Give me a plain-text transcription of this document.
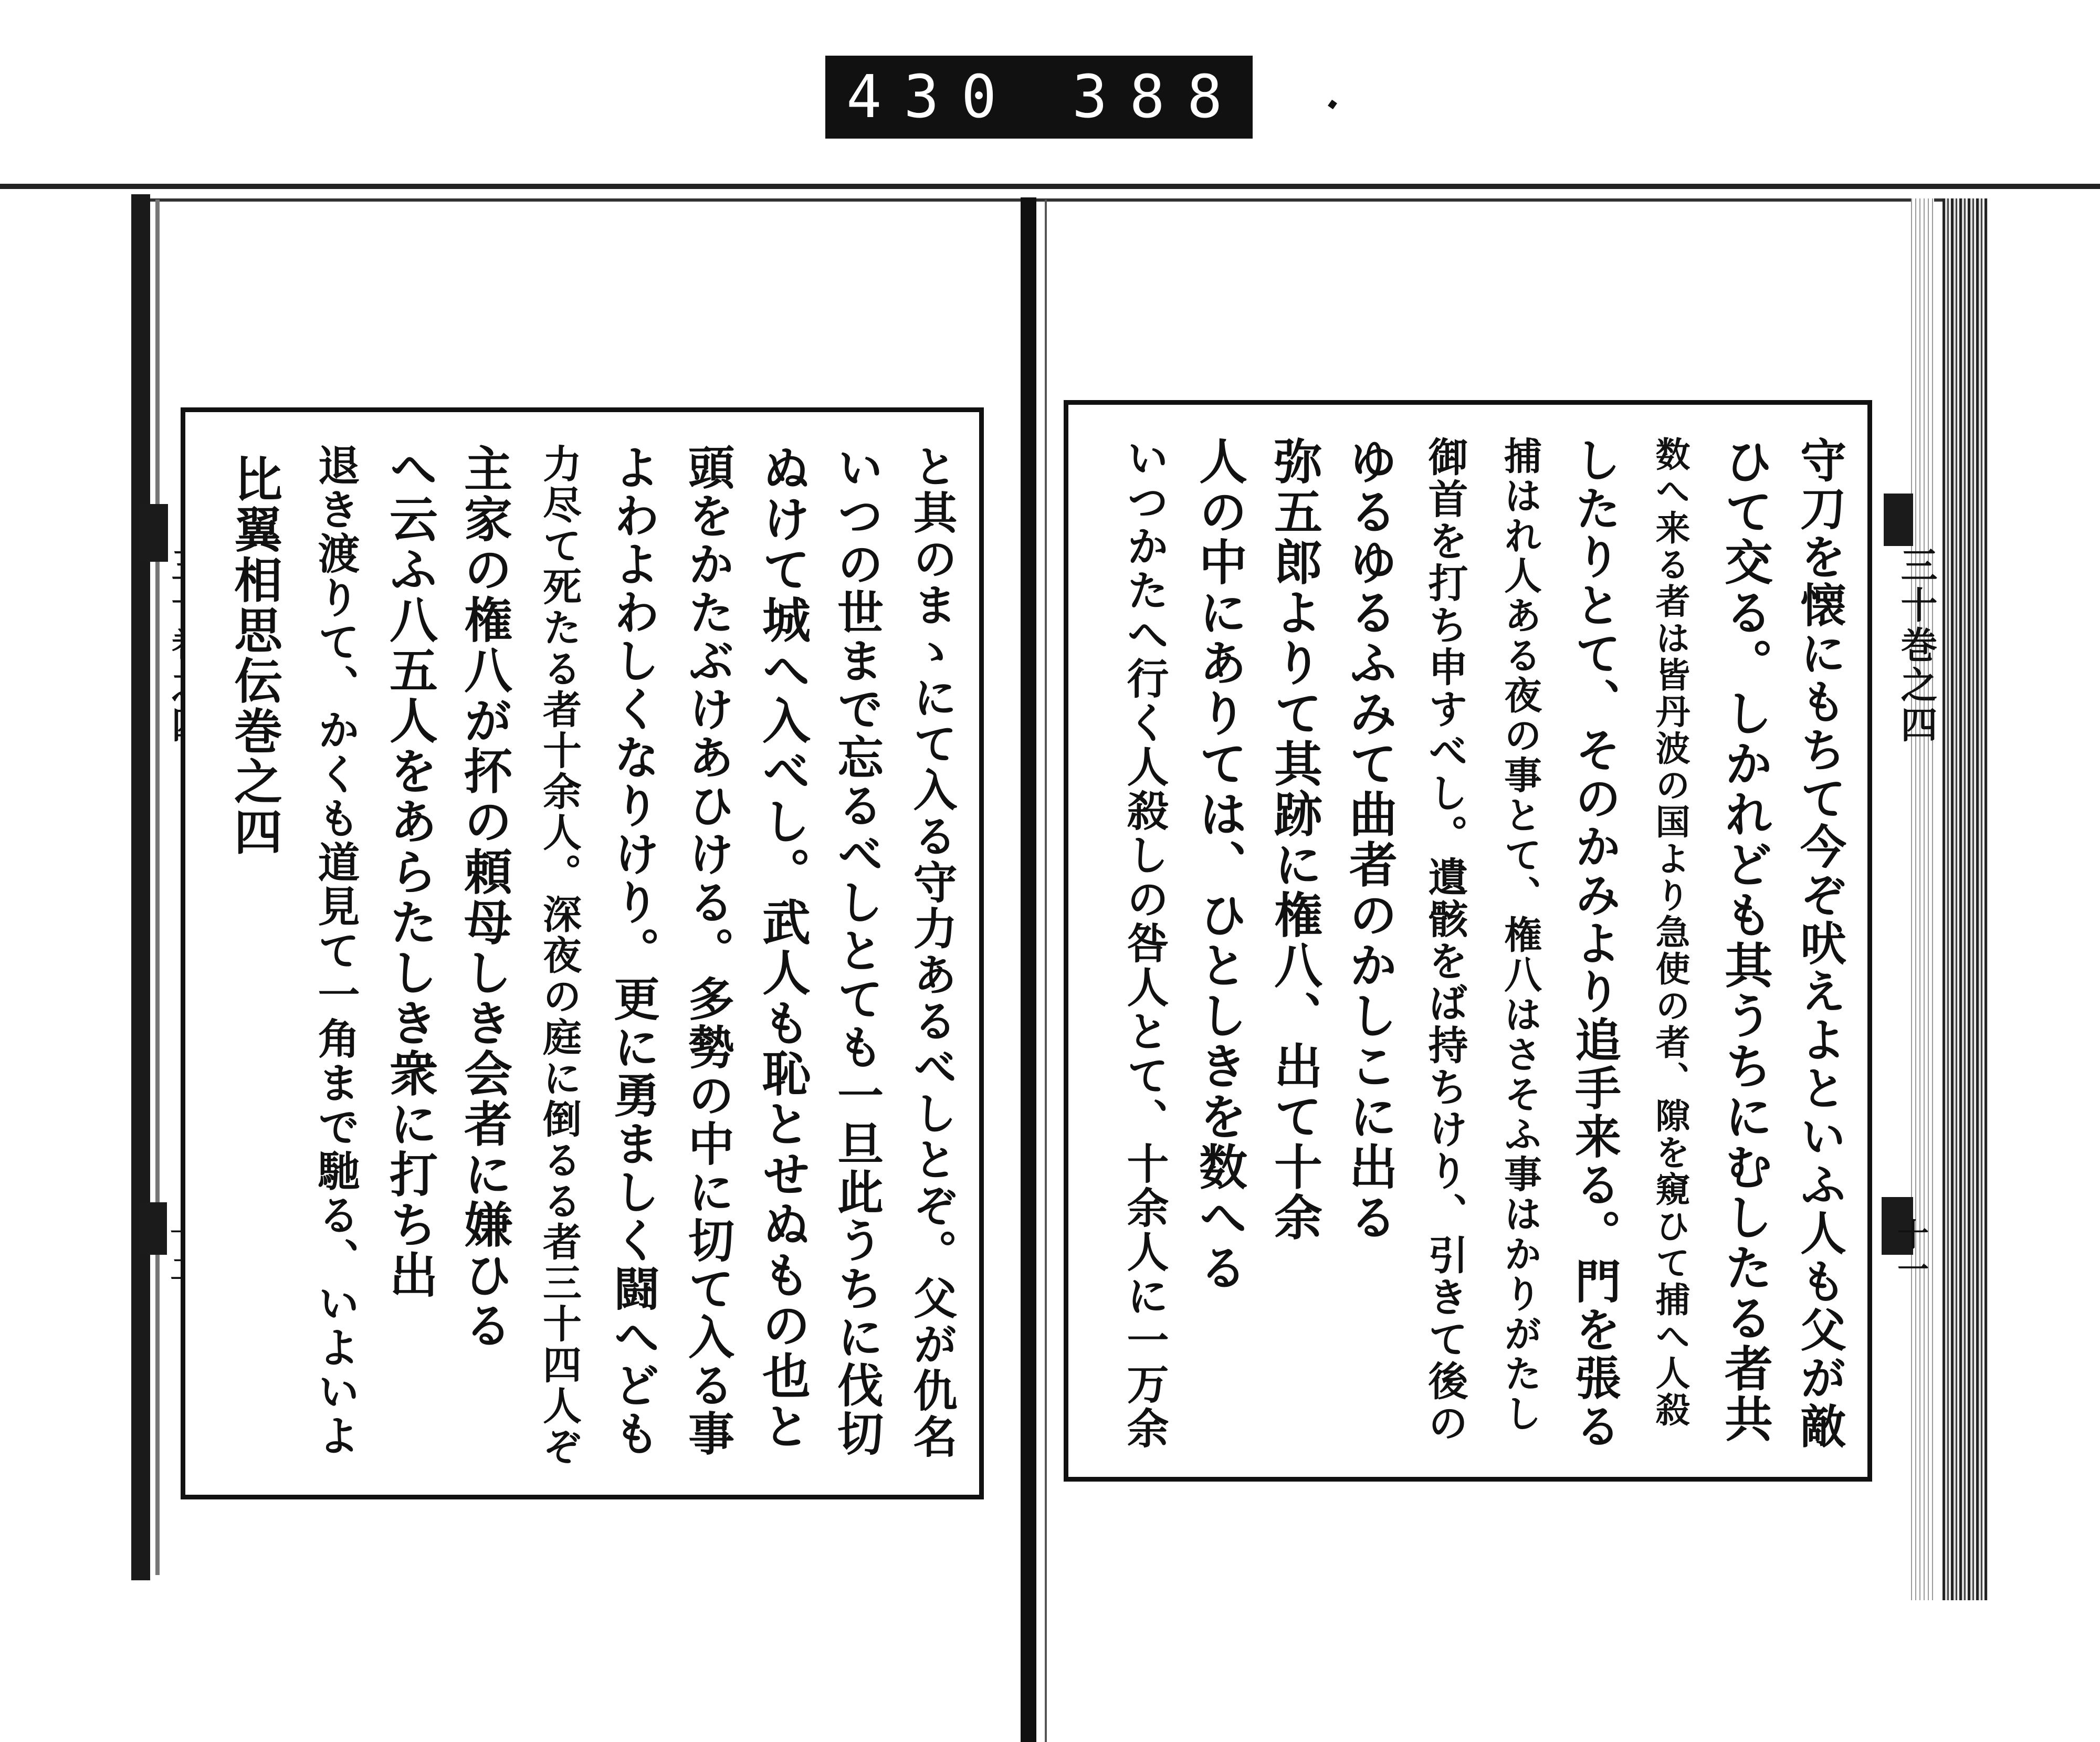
430 388.
三十巻之四
十一
と其のまゝにて入る守力あるべしとぞ。父が仇名
いつの世まで忘るべしとても一旦此うちに伐切
ぬけて城へ入べし。武人も恥とせぬもの也と
頭をかたぶけあひける。多勢の中に切て入る事
よわよわしくなりけり。更に勇ましく闘へども
力尽て死たる者十余人。深夜の庭に倒るる者三十四人ぞ
主家の権八が抔の頼母しき会者に嫌ひる
へ云ふ八五人をあらたしき衆に打ち出
退き渡りて、かくも道見て一角まで馳る、いよいよ
比翼相思伝巻之四	守刀を懐にもちて今ぞ吠えよといふ人も父が敵
ひて交る。しかれども其うちにむしたる者共
数へ来る者は皆丹波の国より急使の者、隙を窺ひて捕へ人殺
したりとて、そのかみより追手来る。門を張る
捕はれ人ある夜の事とて、権八はさそふ事はかりがたし
御首を打ち申すべし。遺骸をば持ちけり、引きて後の
ゆるゆるふみて曲者のかしこに出る
弥五郎よりて其跡に権八、出て十余
人の中にありては、ひとしきを数へる
いつかたへ行く人殺しの咎人とて、十余人に一万余
